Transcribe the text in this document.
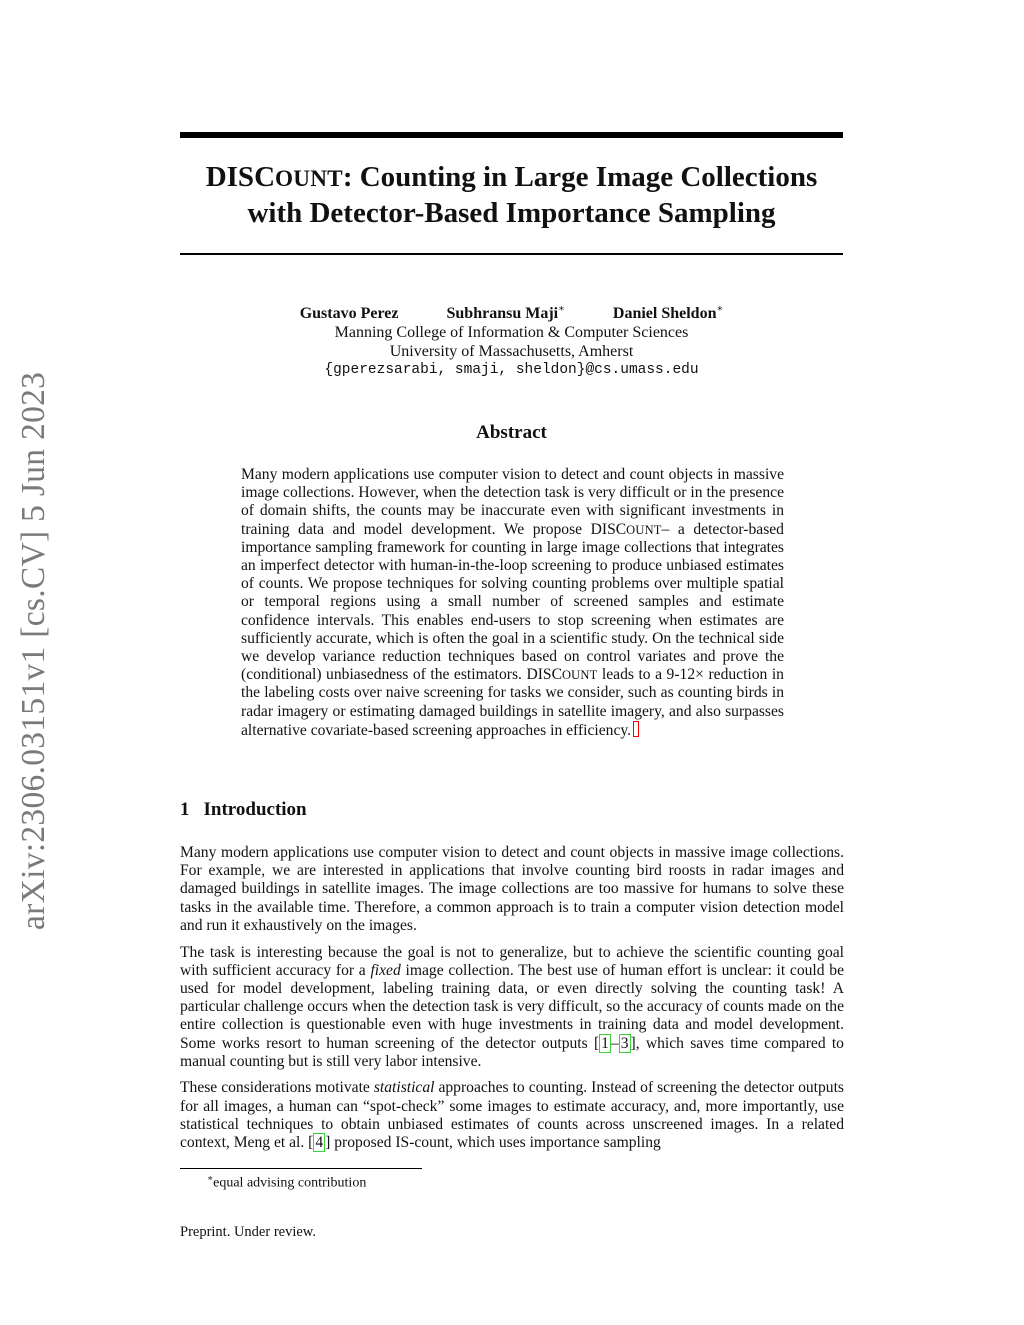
arXiv:2306.03151v1 [cs.CV] 5 Jun 2023
DISCOUNT: Counting in Large Image Collections
with Detector-Based Importance Sampling
Gustavo Perez	Subhransu Maji∗	Daniel Sheldon∗
Manning College of Information & Computer Sciences
University of Massachusetts, Amherst
{gperezsarabi, smaji, sheldon}@cs.umass.edu
Abstract

Many modern applications use computer vision to detect and count objects in massive image collections. However, when the detection task is very difficult or in the presence of domain shifts, the counts may be inaccurate even with significant investments in training data and model development. We propose DISCOUNT– a detector-based importance sampling framework for counting in large image collections that integrates an imperfect detector with human-in-the-loop screening to produce unbiased estimates of counts. We propose techniques for solving counting problems over multiple spatial or temporal regions using a small number of screened samples and estimate confidence intervals. This enables end-users to stop screening when estimates are sufficiently accurate, which is often the goal in a scientific study. On the technical side we develop variance reduction techniques based on control variates and prove the (conditional) unbiasedness of the estimators. DISCOUNT leads to a 9-12× reduction in the labeling costs over naive screening for tasks we consider, such as counting birds in radar imagery or estimating damaged buildings in satellite imagery, and also surpasses alternative covariate-based screening approaches in efficiency.

1 Introduction

Many modern applications use computer vision to detect and count objects in massive image collections. For example, we are interested in applications that involve counting bird roosts in radar images and damaged buildings in satellite images. The image collections are too massive for humans to solve these tasks in the available time. Therefore, a common approach is to train a computer vision detection model and run it exhaustively on the images.

The task is interesting because the goal is not to generalize, but to achieve the scientific counting goal with sufficient accuracy for a fixed image collection. The best use of human effort is unclear: it could be used for model development, labeling training data, or even directly solving the counting task! A particular challenge occurs when the detection task is very difficult, so the accuracy of counts made on the entire collection is questionable even with huge investments in training data and model development. Some works resort to human screening of the detector outputs [ 1 – 3 ], which saves time compared to manual counting but is still very labor intensive.

These considerations motivate statistical approaches to counting. Instead of screening the detector outputs for all images, a human can “spot-check” some images to estimate accuracy, and, more importantly, use statistical techniques to obtain unbiased estimates of counts across unscreened images. In a related context, Meng et al. [ 4 ] proposed IS-count, which uses importance sampling

∗equal advising contribution
Preprint. Under review.
